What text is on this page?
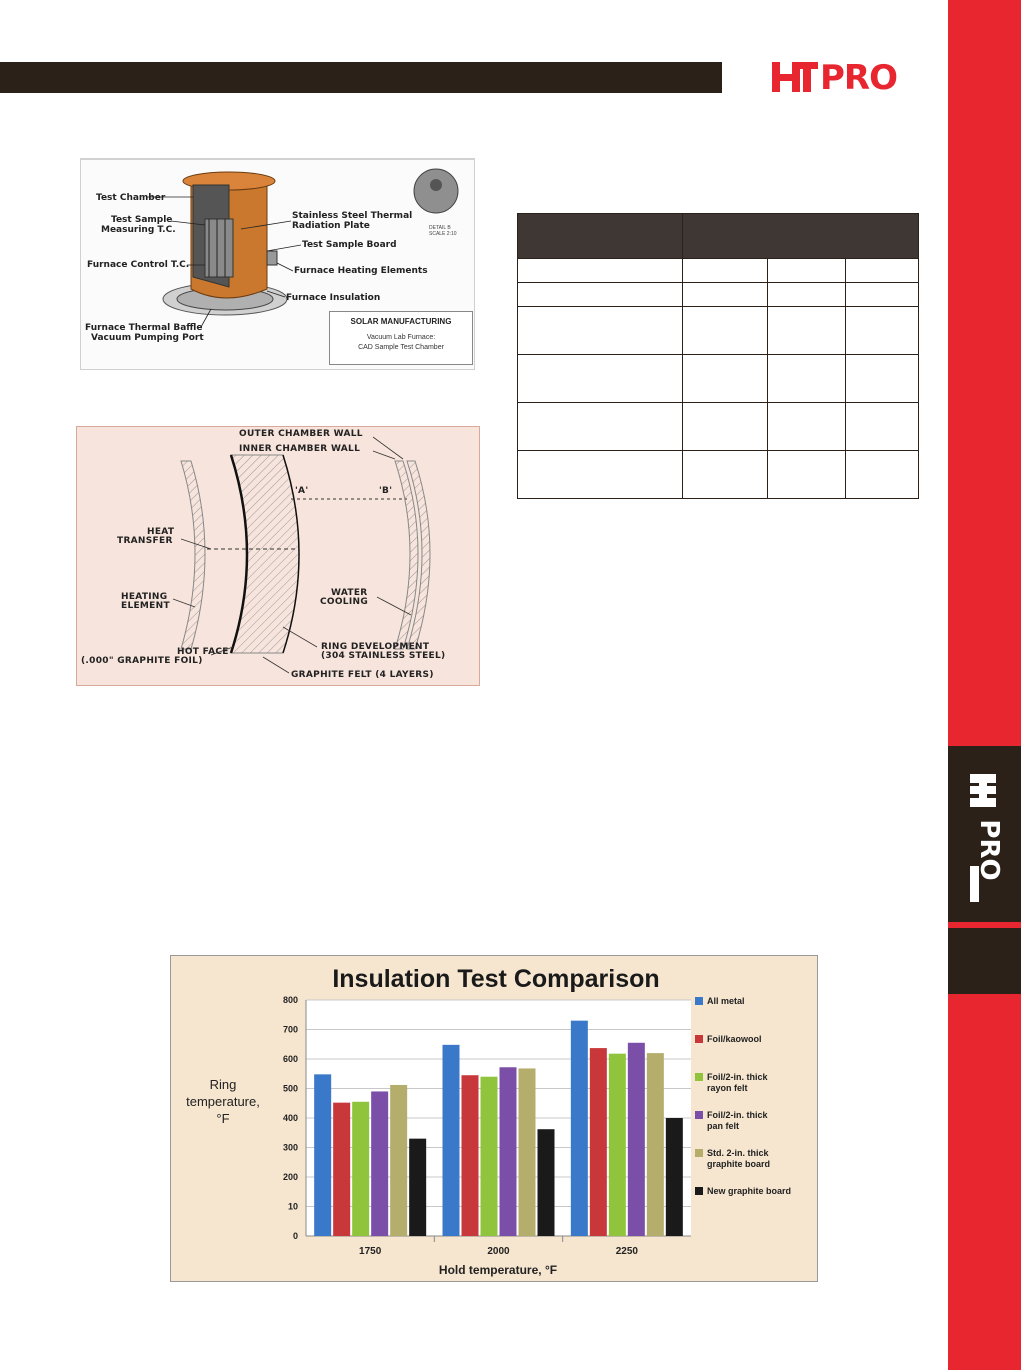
PRO
PRO
Test Chamber
Test Sample
Measuring T.C.
Furnace Control T.C.
Furnace Thermal Baffle
Vacuum Pumping Port
Stainless Steel Thermal
Radiation Plate
Test Sample Board
Furnace Heating Elements
Furnace Insulation
DETAIL B
SCALE 2:10
SOLAR MANUFACTURING
Vacuum Lab Furnace:
CAD Sample Test Chamber
OUTER CHAMBER WALL
INNER CHAMBER WALL
'A'	'B'
HEAT
TRANSFER
HEATING
ELEMENT
WATER
COOLING
HOT FACE
(.000" GRAPHITE FOIL)
RING DEVELOPMENT
(304 STAINLESS STEEL)
GRAPHITE FELT (4 LAYERS)

Insulation Test Comparison
0
10
200
300
400
500
600
700
800
1750	2000	2250
Hold temperature, °F
Ring
temperature,
°F
All metal
Foil/kaowool
Foil/2-in. thick
rayon felt
Foil/2-in. thick
pan felt
Std. 2-in. thick
graphite board
New graphite board
